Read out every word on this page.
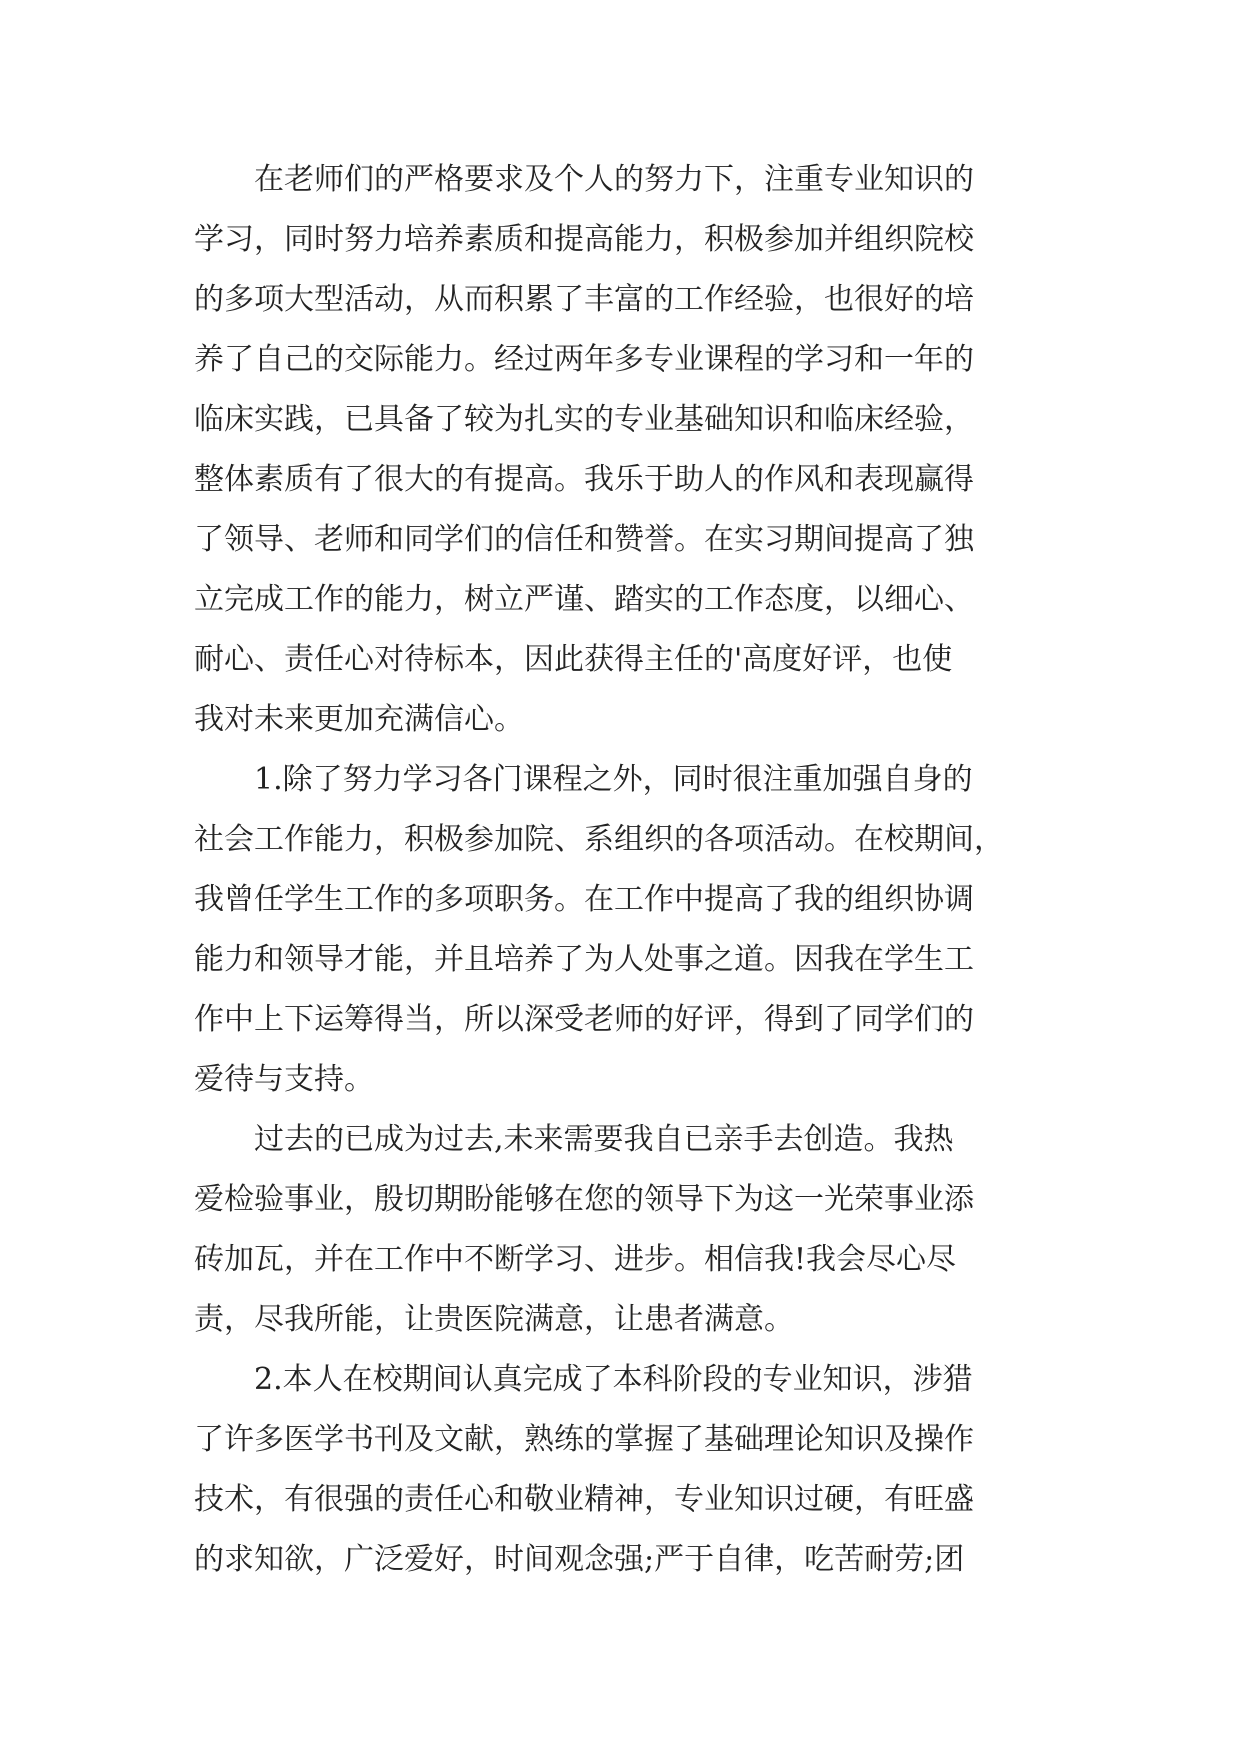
　　在老师们的严格要求及个人的努力下，注重专业知识的
学习，同时努力培养素质和提高能力，积极参加并组织院校
的多项大型活动，从而积累了丰富的工作经验，也很好的培
养了自己的交际能力。经过两年多专业课程的学习和一年的
临床实践，已具备了较为扎实的专业基础知识和临床经验，
整体素质有了很大的有提高。我乐于助人的作风和表现赢得
了领导、老师和同学们的信任和赞誉。在实习期间提高了独
立完成工作的能力，树立严谨、踏实的工作态度，以细心、
耐心、责任心对待标本，因此获得主任的'高度好评，也使
我对未来更加充满信心。
　　1.除了努力学习各门课程之外，同时很注重加强自身的
社会工作能力，积极参加院、系组织的各项活动。在校期间，
我曾任学生工作的多项职务。在工作中提高了我的组织协调
能力和领导才能，并且培养了为人处事之道。因我在学生工
作中上下运筹得当，所以深受老师的好评，得到了同学们的
爱待与支持。
　　过去的已成为过去,未来需要我自已亲手去创造。我热
爱检验事业，殷切期盼能够在您的领导下为这一光荣事业添
砖加瓦，并在工作中不断学习、进步。相信我!我会尽心尽
责，尽我所能，让贵医院满意，让患者满意。
　　2.本人在校期间认真完成了本科阶段的专业知识，涉猎
了许多医学书刊及文献，熟练的掌握了基础理论知识及操作
技术，有很强的责任心和敬业精神，专业知识过硬，有旺盛
的求知欲，广泛爱好，时间观念强;严于自律，吃苦耐劳;团
